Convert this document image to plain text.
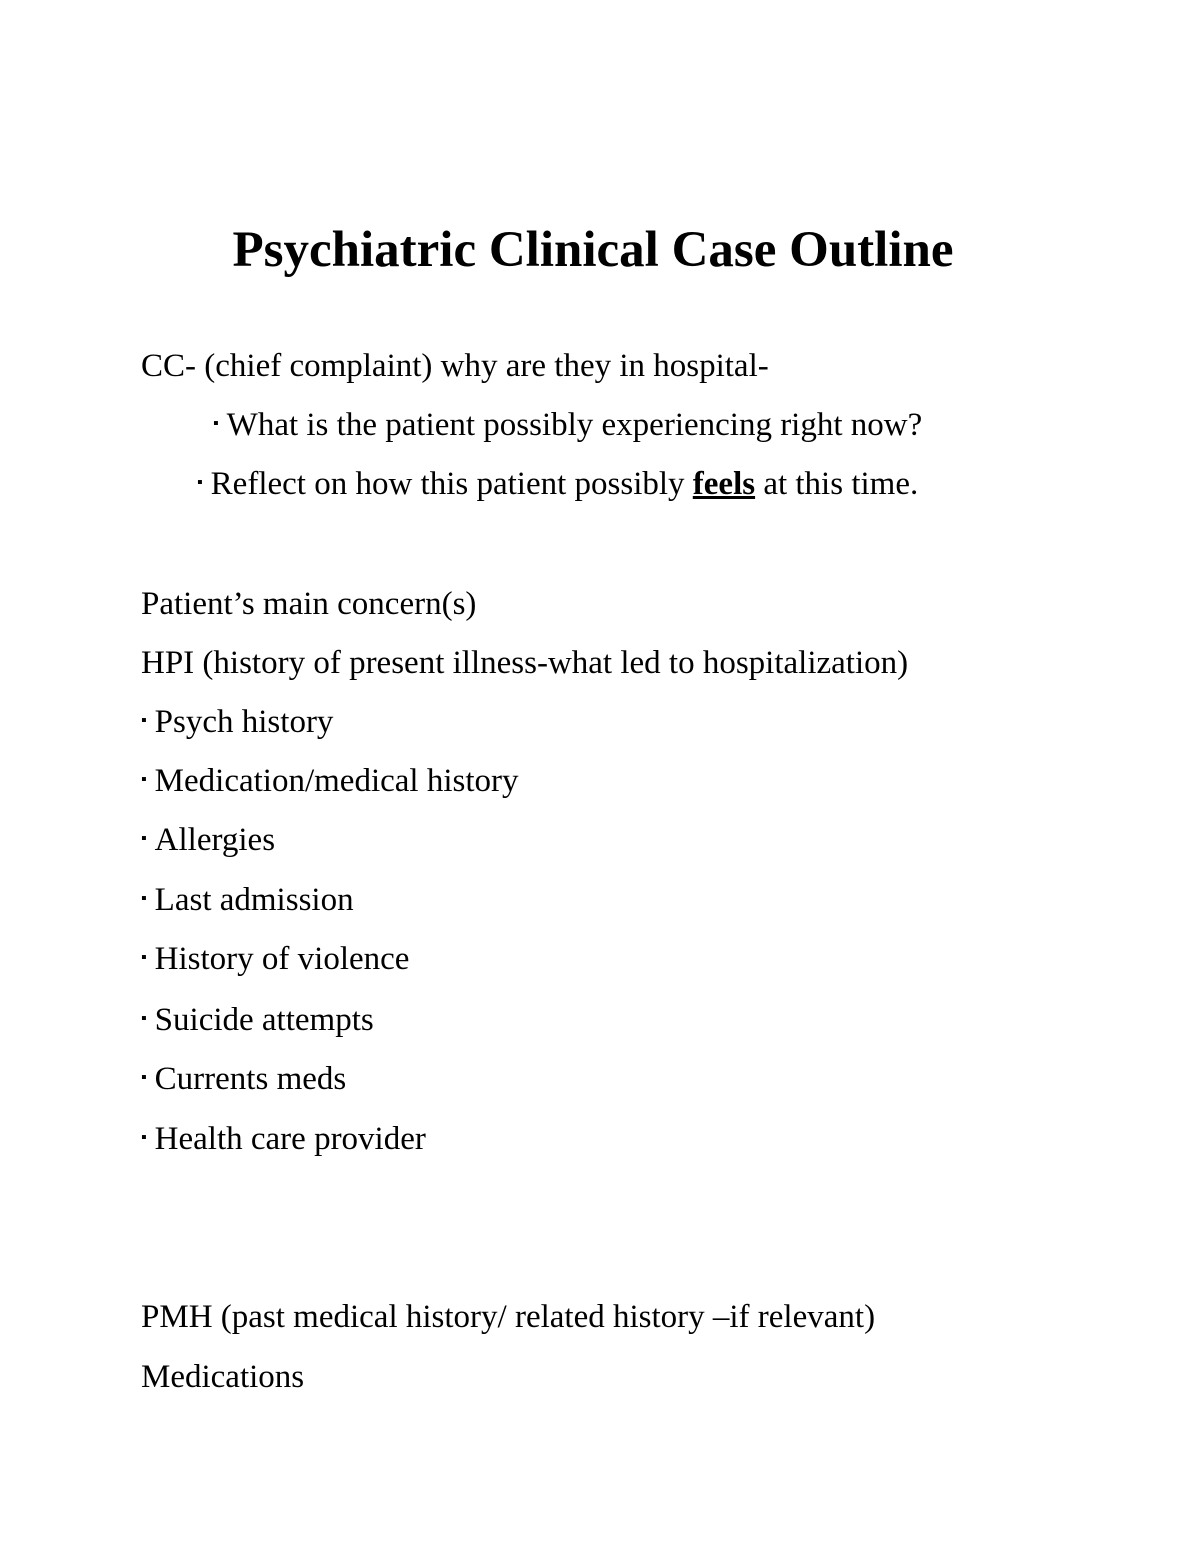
Psychiatric Clinical Case Outline

CC- (chief complaint) why are they in hospital-

▪ What is the patient possibly experiencing right now?

▪ Reflect on how this patient possibly feels at this time.

Patient’s main concern(s)

HPI (history of present illness-what led to hospitalization)

▪ Psych history

▪ Medication/medical history

▪ Allergies

▪ Last admission

▪ History of violence

▪ Suicide attempts

▪ Currents meds

▪ Health care provider

PMH (past medical history/ related history –if relevant)

Medications
